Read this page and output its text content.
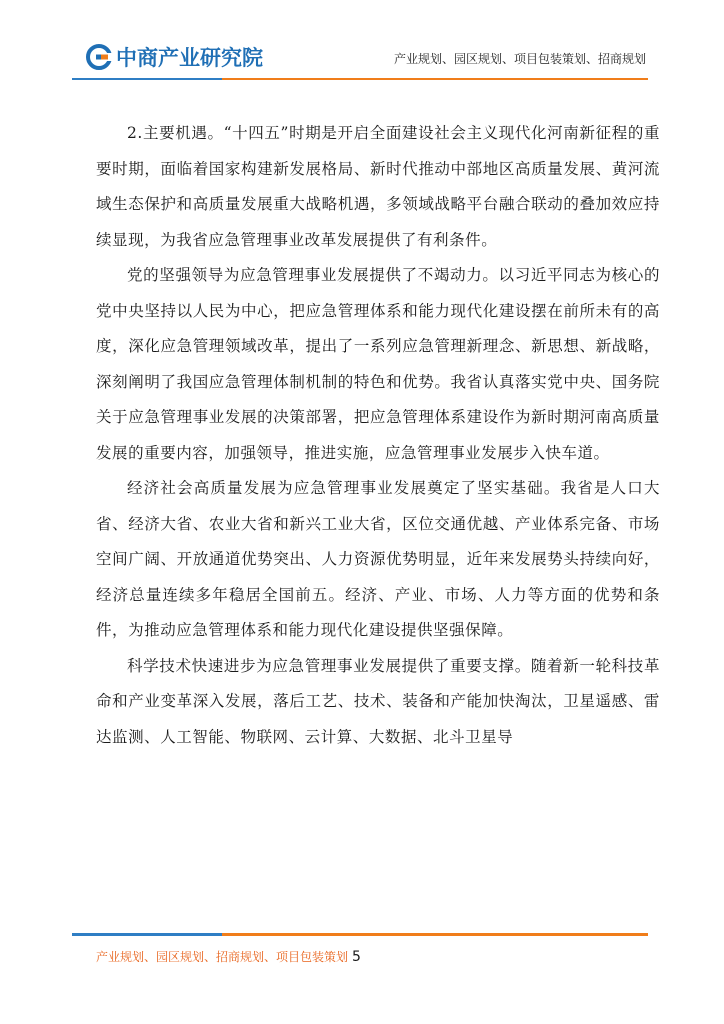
中商产业研究院	产业规划、园区规划、项目包装策划、招商规划

2.主要机遇。“十四五”时期是开启全面建设社会主义现代化河南新征程的重要时期，面临着国家构建新发展格局、新时代推动中部地区高质量发展、黄河流域生态保护和高质量发展重大战略机遇，多领域战略平台融合联动的叠加效应持续显现，为我省应急管理事业改革发展提供了有利条件。

党的坚强领导为应急管理事业发展提供了不竭动力。以习近平同志为核心的党中央坚持以人民为中心，把应急管理体系和能力现代化建设摆在前所未有的高度，深化应急管理领域改革，提出了一系列应急管理新理念、新思想、新战略，深刻阐明了我国应急管理体制机制的特色和优势。我省认真落实党中央、国务院关于应急管理事业发展的决策部署，把应急管理体系建设作为新时期河南高质量发展的重要内容，加强领导，推进实施，应急管理事业发展步入快车道。

经济社会高质量发展为应急管理事业发展奠定了坚实基础。我省是人口大省、经济大省、农业大省和新兴工业大省，区位交通优越、产业体系完备、市场空间广阔、开放通道优势突出、人力资源优势明显，近年来发展势头持续向好，经济总量连续多年稳居全国前五。经济、产业、市场、人力等方面的优势和条件，为推动应急管理体系和能力现代化建设提供坚强保障。

科学技术快速进步为应急管理事业发展提供了重要支撑。随着新一轮科技革命和产业变革深入发展，落后工艺、技术、装备和产能加快淘汰，卫星遥感、雷达监测、人工智能、物联网、云计算、大数据、北斗卫星导

产业规划、园区规划、招商规划、项目包装策划 5
